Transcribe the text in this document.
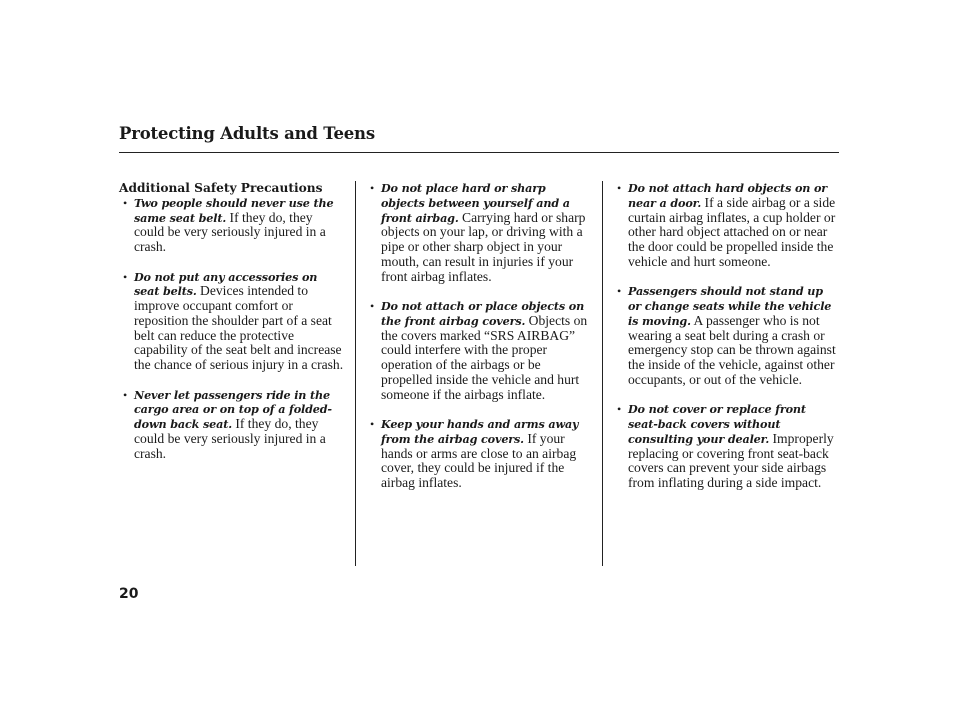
Protecting Adults and Teens
Additional Safety Precautions
• Two people should never use the same seat belt. If they do, they could be very seriously injured in a crash.
• Do not put any accessories on seat belts. Devices intended to improve occupant comfort or reposition the shoulder part of a seat belt can reduce the protective capability of the seat belt and increase the chance of serious injury in a crash.
• Never let passengers ride in the cargo area or on top of a folded-down back seat. If they do, they could be very seriously injured in a crash.
• Do not place hard or sharp objects between yourself and a front airbag. Carrying hard or sharp objects on your lap, or driving with a pipe or other sharp object in your mouth, can result in injuries if your front airbag inflates.
• Do not attach or place objects on the front airbag covers. Objects on the covers marked “SRS AIRBAG” could interfere with the proper operation of the airbags or be propelled inside the vehicle and hurt someone if the airbags inflate.
• Keep your hands and arms away from the airbag covers. If your hands or arms are close to an airbag cover, they could be injured if the airbag inflates.
• Do not attach hard objects on or near a door. If a side airbag or a side curtain airbag inflates, a cup holder or other hard object attached on or near the door could be propelled inside the vehicle and hurt someone.
• Passengers should not stand up or change seats while the vehicle is moving. A passenger who is not wearing a seat belt during a crash or emergency stop can be thrown against the inside of the vehicle, against other occupants, or out of the vehicle.
• Do not cover or replace front seat-back covers without consulting your dealer. Improperly replacing or covering front seat-back covers can prevent your side airbags from inflating during a side impact.
20
